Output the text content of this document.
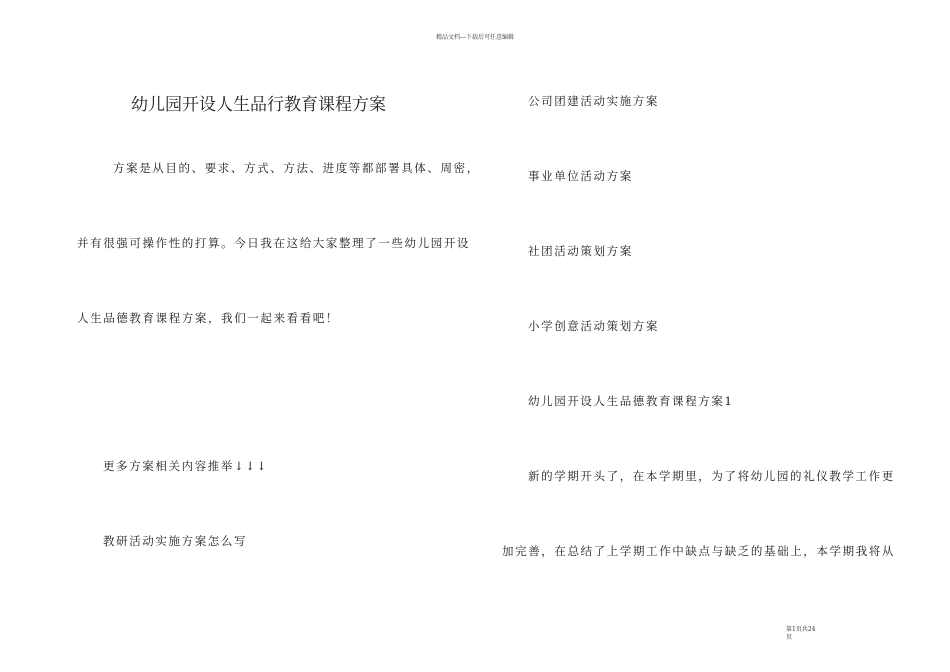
精品文档---下载后可任意编辑
幼儿园开设人生品行教育课程方案
方案是从目的、要求、方式、方法、进度等都部署具体、周密，
并有很强可操作性的打算。今日我在这给大家整理了一些幼儿园开设
人生品德教育课程方案，我们一起来看看吧！
更多方案相关内容推举↓↓↓
教研活动实施方案怎么写
公司团建活动实施方案
事业单位活动方案
社团活动策划方案
小学创意活动策划方案
幼儿园开设人生品德教育课程方案1
新的学期开头了，在本学期里，为了将幼儿园的礼仪教学工作更
加完善，在总结了上学期工作中缺点与缺乏的基础上，本学期我将从
第1页共24
页
